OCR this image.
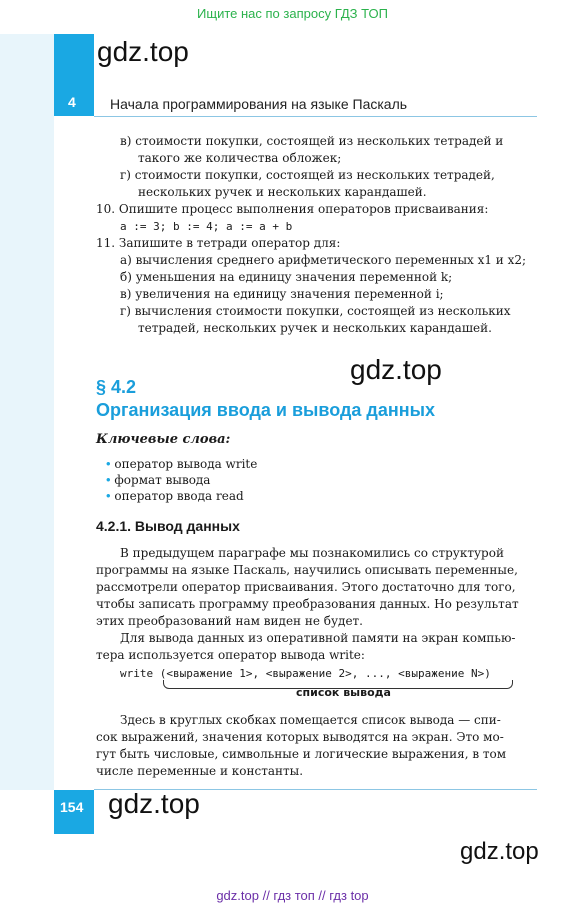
Ищите нас по запросу ГДЗ ТОП
4 Начала программирования на языке Паскаль
gdz.top
в) стоимости покупки, состоящей из нескольких тетрадей и
такого же количества обложек;
г) стоимости покупки, состоящей из нескольких тетрадей,
нескольких ручек и нескольких карандашей.
10. Опишите процесс выполнения операторов присваивания:
a := 3; b := 4; a := a + b
11. Запишите в тетради оператор для:
а) вычисления среднего арифметического переменных x1 и x2;
б) уменьшения на единицу значения переменной k;
в) увеличения на единицу значения переменной i;
г) вычисления стоимости покупки, состоящей из нескольких
тетрадей, нескольких ручек и нескольких карандашей.
gdz.top
§ 4.2
Организация ввода и вывода данных
Ключевые слова:
• оператор вывода write
• формат вывода
• оператор ввода read
4.2.1. Вывод данных
В предыдущем параграфе мы познакомились со структурой
программы на языке Паскаль, научились описывать переменные,
рассмотрели оператор присваивания. Этого достаточно для того,
чтобы записать программу преобразования данных. Но результат
этих преобразований нам виден не будет.
Для вывода данных из оперативной памяти на экран компью-
тера используется оператор вывода write:
write (<выражение 1>, <выражение 2>, ..., <выражение N>)
список вывода
Здесь в круглых скобках помещается список вывода — спи-
сок выражений, значения которых выводятся на экран. Это мо-
гут быть числовые, символьные и логические выражения, в том
числе переменные и константы.
154 gdz.top
gdz.top
gdz.top // гдз топ // гдз top
